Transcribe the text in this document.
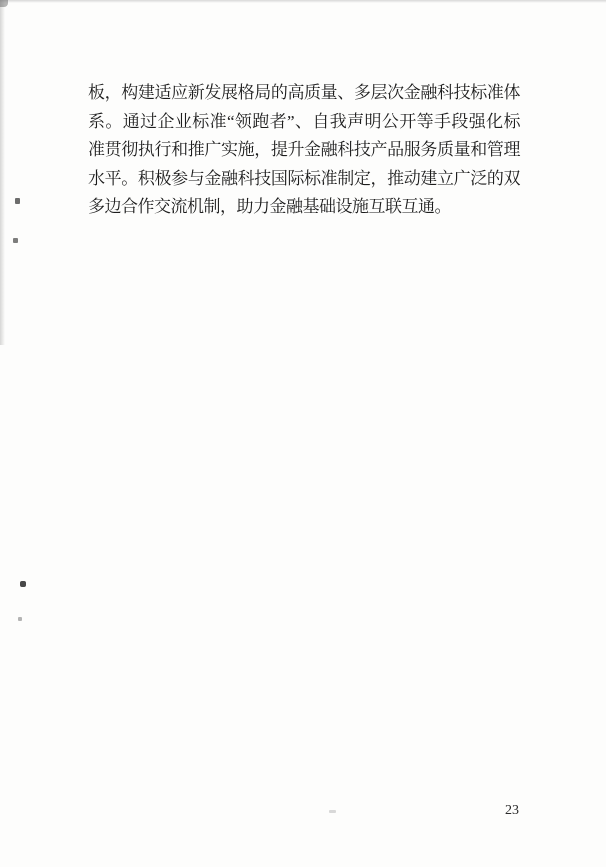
板，构建适应新发展格局的高质量、多层次金融科技标准体
系。通过企业标准“领跑者”、自我声明公开等手段强化标
准贯彻执行和推广实施，提升金融科技产品服务质量和管理
水平。积极参与金融科技国际标准制定，推动建立广泛的双
多边合作交流机制，助力金融基础设施互联互通。
23
